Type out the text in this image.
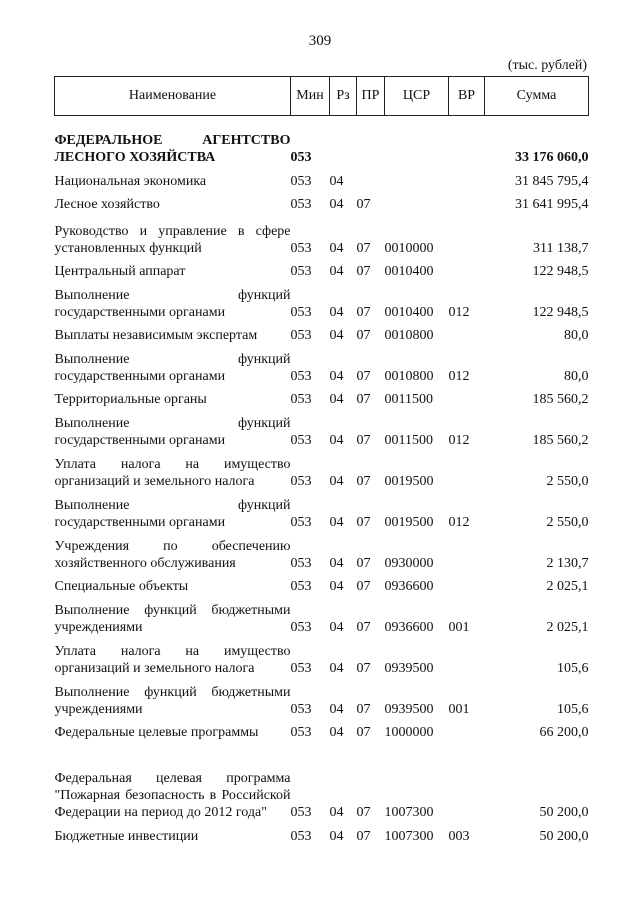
309
(тыс. рублей)
Наименование	Мин	Рз	ПР	ЦСР	ВР	Сумма
ФЕДЕРАЛЬНОЕ АГЕНТСТВО ЛЕСНОГО ХОЗЯЙСТВА	053					33 176 060,0
Национальная экономика	053	04				31 845 795,4
Лесное хозяйство	053	04	07			31 641 995,4
Руководство и управление в сфере установленных функций	053	04	07	0010000		311 138,7
Центральный аппарат	053	04	07	0010400		122 948,5
Выполнение функций государственными органами	053	04	07	0010400	012	122 948,5
Выплаты независимым экспертам	053	04	07	0010800		80,0
Выполнение функций государственными органами	053	04	07	0010800	012	80,0
Территориальные органы	053	04	07	0011500		185 560,2
Выполнение функций государственными органами	053	04	07	0011500	012	185 560,2
Уплата налога на имущество организаций и земельного налога	053	04	07	0019500		2 550,0
Выполнение функций государственными органами	053	04	07	0019500	012	2 550,0
Учреждения по обеспечению хозяйственного обслуживания	053	04	07	0930000		2 130,7
Специальные объекты	053	04	07	0936600		2 025,1
Выполнение функций бюджетными учреждениями	053	04	07	0936600	001	2 025,1
Уплата налога на имущество организаций и земельного налога	053	04	07	0939500		105,6
Выполнение функций бюджетными учреждениями	053	04	07	0939500	001	105,6
Федеральные целевые программы	053	04	07	1000000		66 200,0
Федеральная целевая программа "Пожарная безопасность в Российской Федерации на период до 2012 года"	053	04	07	1007300		50 200,0
Бюджетные инвестиции	053	04	07	1007300	003	50 200,0
